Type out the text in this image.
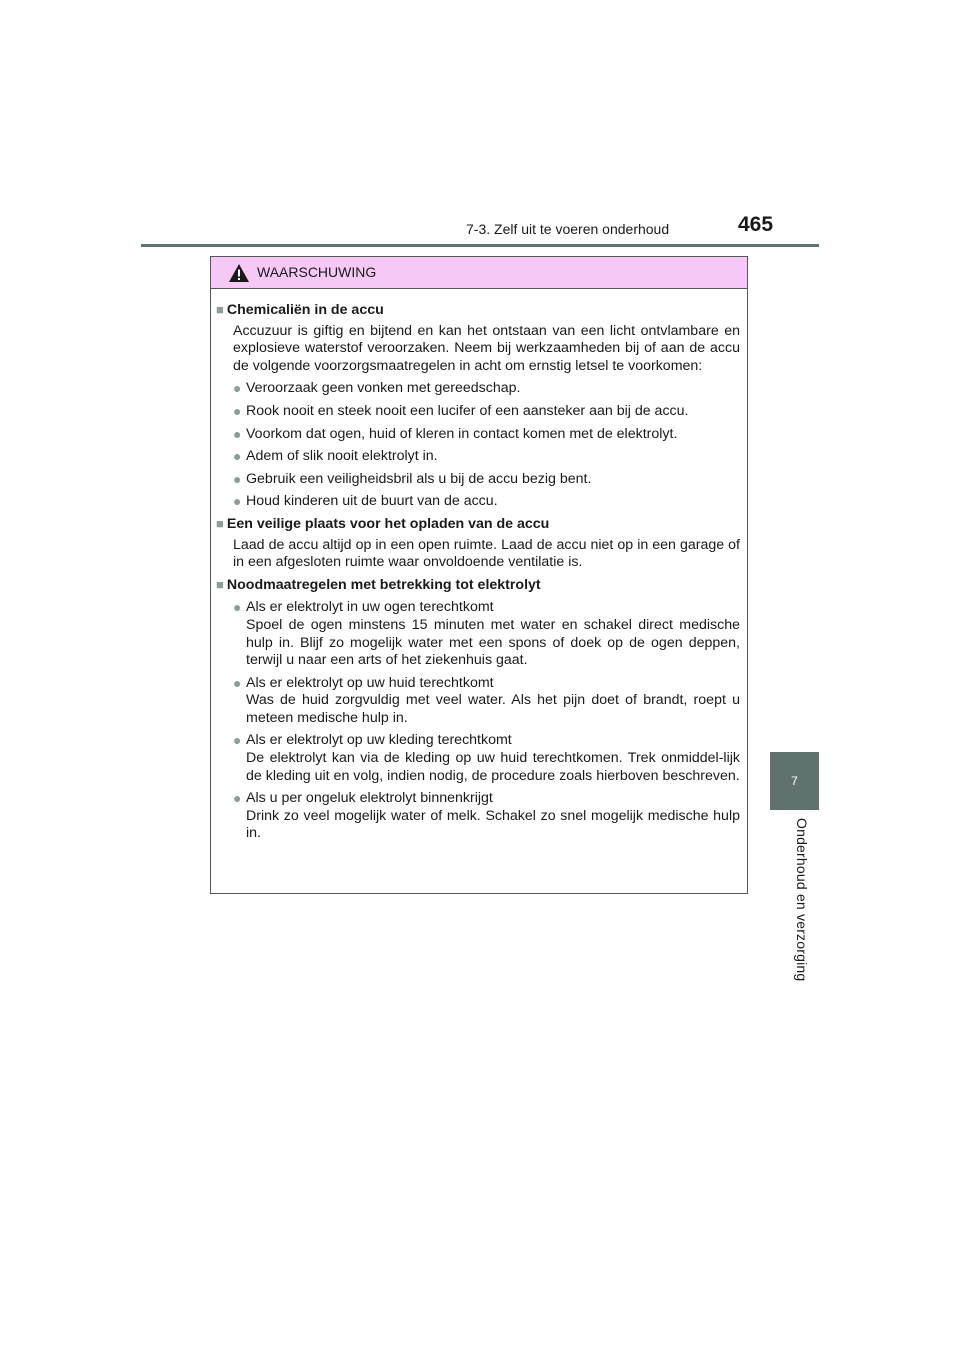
7-3. Zelf uit te voeren onderhoud	465
7
Onderhoud en verzorging
WAARSCHUWING
■ Chemicaliën in de accu
Accuzuur is giftig en bijtend en kan het ontstaan van een licht ontvlambare en explosieve waterstof veroorzaken. Neem bij werkzaamheden bij of aan de accu de volgende voorzorgsmaatregelen in acht om ernstig letsel te voorkomen:
● Veroorzaak geen vonken met gereedschap.
● Rook nooit en steek nooit een lucifer of een aansteker aan bij de accu.
● Voorkom dat ogen, huid of kleren in contact komen met de elektrolyt.
● Adem of slik nooit elektrolyt in.
● Gebruik een veiligheidsbril als u bij de accu bezig bent.
● Houd kinderen uit de buurt van de accu.
■ Een veilige plaats voor het opladen van de accu
Laad de accu altijd op in een open ruimte. Laad de accu niet op in een garage of in een afgesloten ruimte waar onvoldoende ventilatie is.
■ Noodmaatregelen met betrekking tot elektrolyt
● Als er elektrolyt in uw ogen terechtkomt
Spoel de ogen minstens 15 minuten met water en schakel direct medische hulp in. Blijf zo mogelijk water met een spons of doek op de ogen deppen, terwijl u naar een arts of het ziekenhuis gaat.
● Als er elektrolyt op uw huid terechtkomt
Was de huid zorgvuldig met veel water. Als het pijn doet of brandt, roept u meteen medische hulp in.
● Als er elektrolyt op uw kleding terechtkomt
De elektrolyt kan via de kleding op uw huid terechtkomen. Trek onmiddel-lijk de kleding uit en volg, indien nodig, de procedure zoals hierboven beschreven.
● Als u per ongeluk elektrolyt binnenkrijgt
Drink zo veel mogelijk water of melk. Schakel zo snel mogelijk medische hulp in.
